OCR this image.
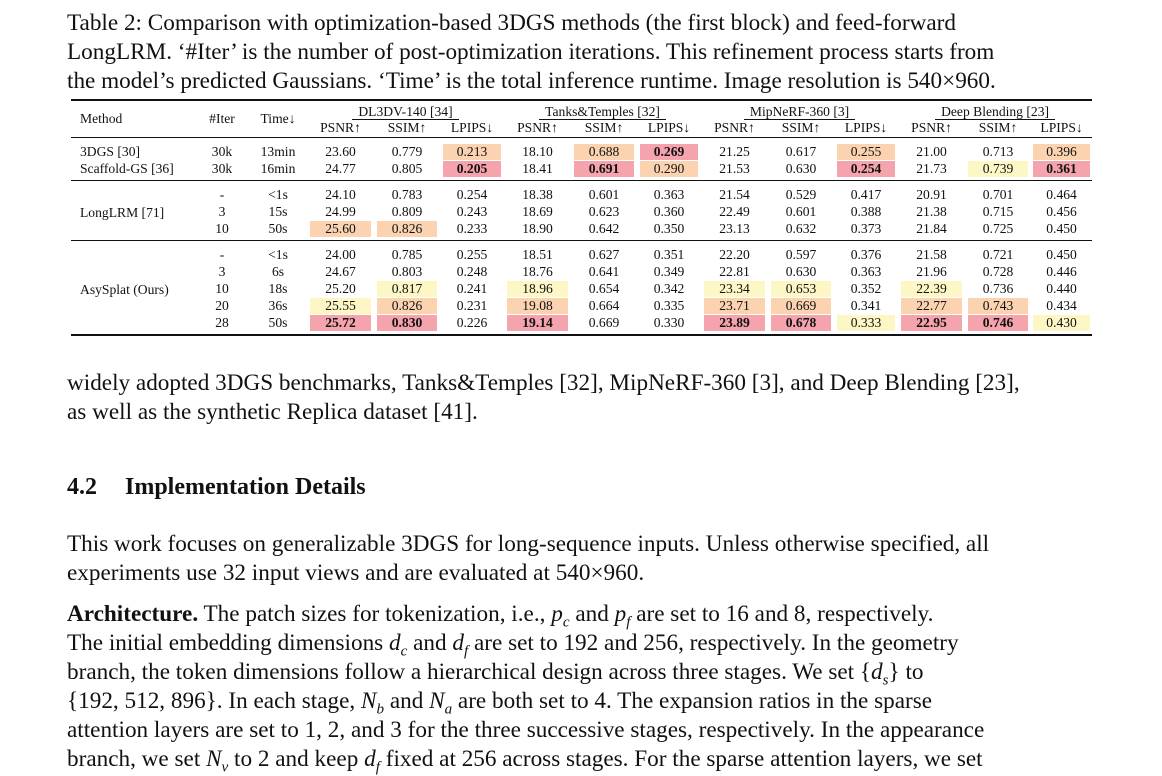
Table 2: Comparison with optimization-based 3DGS methods (the first block) and feed-forward
LongLRM. ‘#Iter’ is the number of post-optimization iterations. This refinement process starts from
the model’s predicted Gaussians. ‘Time’ is the total inference runtime. Image resolution is 540×960.
Method	#Iter	Time↓	DL3DV-140 [34]			Tanks&Temples [32]			MipNeRF-360 [3]			Deep Blending [23]		
			PSNR↑	SSIM↑	LPIPS↓	PSNR↑	SSIM↑	LPIPS↓	PSNR↑	SSIM↑	LPIPS↓	PSNR↑	SSIM↑	LPIPS↓
3DGS [30]	30k	13min	23.60	0.779	0.213	18.10	0.688	0.269	21.25	0.617	0.255	21.00	0.713	0.396
Scaffold-GS [36]	30k	16min	24.77	0.805	0.205	18.41	0.691	0.290	21.53	0.630	0.254	21.73	0.739	0.361
LongLRM [71]	-	<1s	24.10	0.783	0.254	18.38	0.601	0.363	21.54	0.529	0.417	20.91	0.701	0.464
	3	15s	24.99	0.809	0.243	18.69	0.623	0.360	22.49	0.601	0.388	21.38	0.715	0.456
	10	50s	25.60	0.826	0.233	18.90	0.642	0.350	23.13	0.632	0.373	21.84	0.725	0.450
AsySplat (Ours)	-	<1s	24.00	0.785	0.255	18.51	0.627	0.351	22.20	0.597	0.376	21.58	0.721	0.450
	3	6s	24.67	0.803	0.248	18.76	0.641	0.349	22.81	0.630	0.363	21.96	0.728	0.446
	10	18s	25.20	0.817	0.241	18.96	0.654	0.342	23.34	0.653	0.352	22.39	0.736	0.440
	20	36s	25.55	0.826	0.231	19.08	0.664	0.335	23.71	0.669	0.341	22.77	0.743	0.434
	28	50s	25.72	0.830	0.226	19.14	0.669	0.330	23.89	0.678	0.333	22.95	0.746	0.430
widely adopted 3DGS benchmarks, Tanks&Temples [32], MipNeRF-360 [3], and Deep Blending [23],
as well as the synthetic Replica dataset [41].
4.2 Implementation Details
This work focuses on generalizable 3DGS for long-sequence inputs. Unless otherwise specified, all
experiments use 32 input views and are evaluated at 540×960.
Architecture. The patch sizes for tokenization, i.e., $p_c$ and $p_f$ are set to 16 and 8, respectively.
The initial embedding dimensions $d_c$ and $d_f$ are set to 192 and 256, respectively. In the geometry
branch, the token dimensions follow a hierarchical design across three stages. We set $\{d_s\}$ to
{192, 512, 896}. In each stage, $N_b$ and $N_a$ are both set to 4. The expansion ratios in the sparse
attention layers are set to 1, 2, and 3 for the three successive stages, respectively. In the appearance
branch, we set $N_v$ to 2 and keep $d_f$ fixed at 256 across stages. For the sparse attention layers, we set
